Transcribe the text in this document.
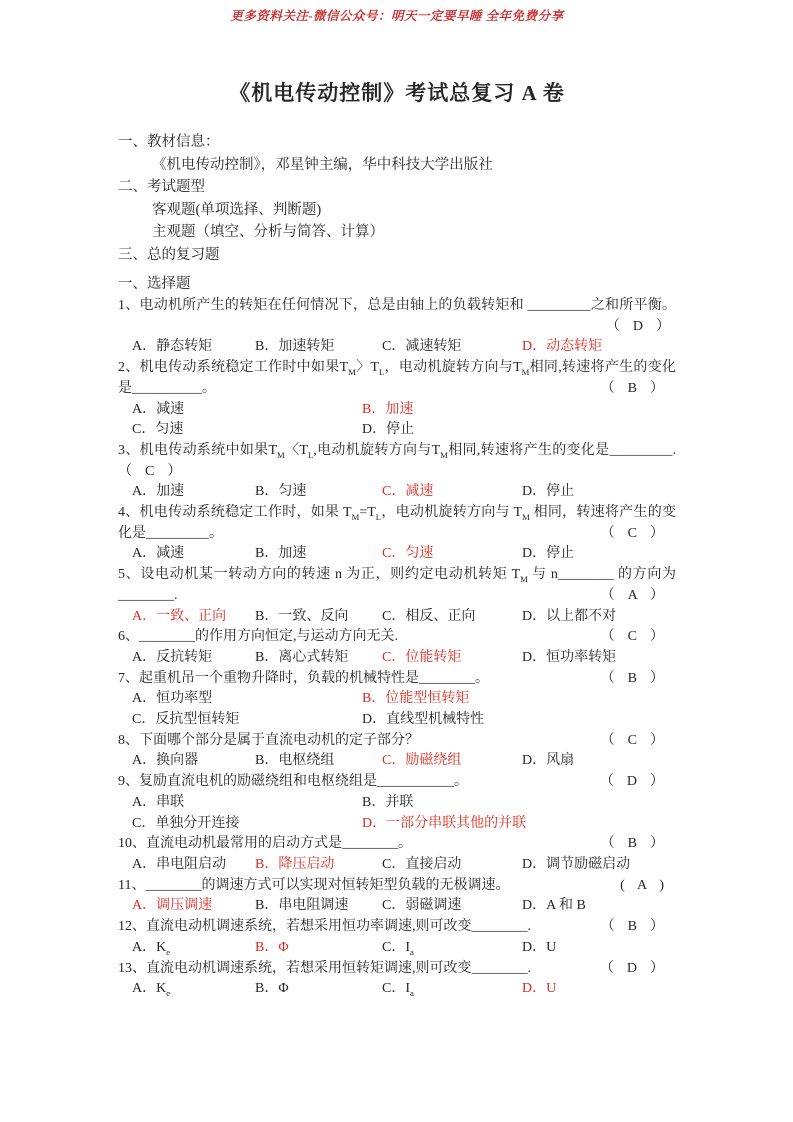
更多资料关注-微信公众号：明天一定要早睡 全年免费分享
《机电传动控制》考试总复习 A 卷
一、教材信息：
《机电传动控制》，邓星钟主编，华中科技大学出版社
二、考试题型
客观题(单项选择、判断题)
主观题（填空、分析与简答、计算）
三、总的复习题
一、选择题
1、电动机所产生的转矩在任何情况下，总是由轴上的负载转矩和 _________之和所平衡。
（  D  ）
A．静态转矩	B．加速转矩	C．减速转矩	D．动态转矩
2、机电传动系统稳定工作时中如果$T_M$〉$T_L$，电动机旋转方向与$T_M$相同,转速将产生的变化
是__________。	（  B  ）
A．减速	B．加速
C．匀速	D．停止
3、机电传动系统中如果$T_M$〈$T_L$,电动机旋转方向与$T_M$相同,转速将产生的变化是_________.
（  C  ）
A．加速	B．匀速	C．减速	D．停止
4、机电传动系统稳定工作时，如果 $T_M=T_L$，电动机旋转方向与 $T_M$ 相同，转速将产生的变
化是_________。	（  C  ）
A．减速	B．加速	C．匀速	D．停止
5、设电动机某一转动方向的转速 n 为正，则约定电动机转矩 $T_M$ 与 n________ 的方向为
________.	（  A  ）
A．一致、正向	B．一致、反向	C．相反、正向	D．以上都不对
6、________的作用方向恒定,与运动方向无关.	（  C  ）
A．反抗转矩	B．离心式转矩	C．位能转矩	D．恒功率转矩
7、起重机吊一个重物升降时，负载的机械特性是________。	（  B  ）
A．恒功率型	B．位能型恒转矩
C．反抗型恒转矩	D．直线型机械特性
8、下面哪个部分是属于直流电动机的定子部分？	（  C  ）
A．换向器	B．电枢绕组	C．励磁绕组	D．风扇
9、复励直流电机的励磁绕组和电枢绕组是___________。	（  D  ）
A．串联	B．并联
C．单独分开连接	D．一部分串联其他的并联
10、直流电动机最常用的启动方式是________。	（  B  ）
A．串电阻启动	B．降压启动	C．直接启动	D．调节励磁启动
11、________的调速方式可以实现对恒转矩型负载的无极调速。	(  A  )
A．调压调速	B．串电阻调速	C．弱磁调速	D．A 和 B
12、直流电动机调速系统，若想采用恒功率调速,则可改变________.	（  B  ）
A．$K_e$	B．Φ	C．$I_a$	D．U
13、直流电动机调速系统，若想采用恒转矩调速,则可改变________.	（  D  ）
A．$K_e$	B．Φ	C．$I_a$	D．U
